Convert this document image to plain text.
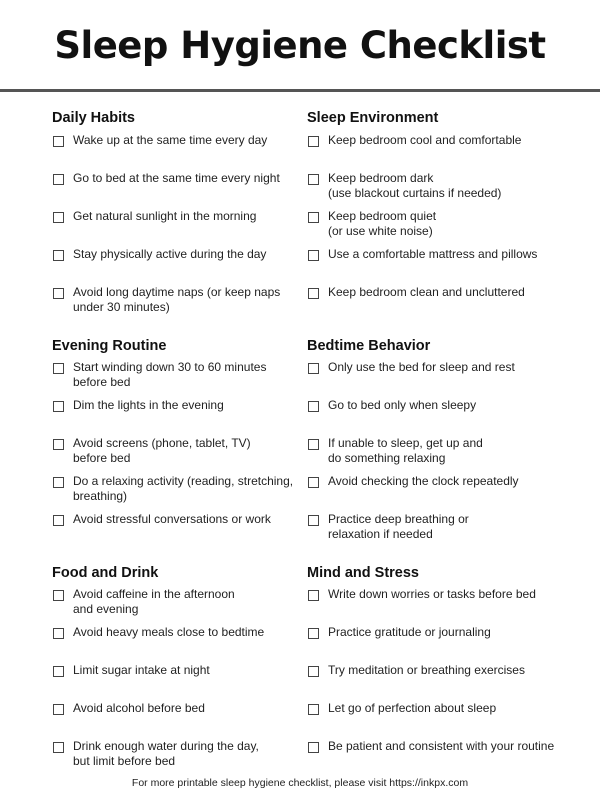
Sleep Hygiene Checklist
Daily Habits
Wake up at the same time every day
Go to bed at the same time every night
Get natural sunlight in the morning
Stay physically active during the day
Avoid long daytime naps (or keep naps
under 30 minutes)
Evening Routine
Start winding down 30 to 60 minutes
before bed
Dim the lights in the evening
Avoid screens (phone, tablet, TV)
before bed
Do a relaxing activity (reading, stretching,
breathing)
Avoid stressful conversations or work
Food and Drink
Avoid caffeine in the afternoon
and evening
Avoid heavy meals close to bedtime
Limit sugar intake at night
Avoid alcohol before bed
Drink enough water during the day,
but limit before bed
Sleep Environment
Keep bedroom cool and comfortable
Keep bedroom dark
(use blackout curtains if needed)
Keep bedroom quiet
(or use white noise)
Use a comfortable mattress and pillows
Keep bedroom clean and uncluttered
Bedtime Behavior
Only use the bed for sleep and rest
Go to bed only when sleepy
If unable to sleep, get up and
do something relaxing
Avoid checking the clock repeatedly
Practice deep breathing or
relaxation if needed
Mind and Stress
Write down worries or tasks before bed
Practice gratitude or journaling
Try meditation or breathing exercises
Let go of perfection about sleep
Be patient and consistent with your routine
For more printable sleep hygiene checklist, please visit https://inkpx.com
